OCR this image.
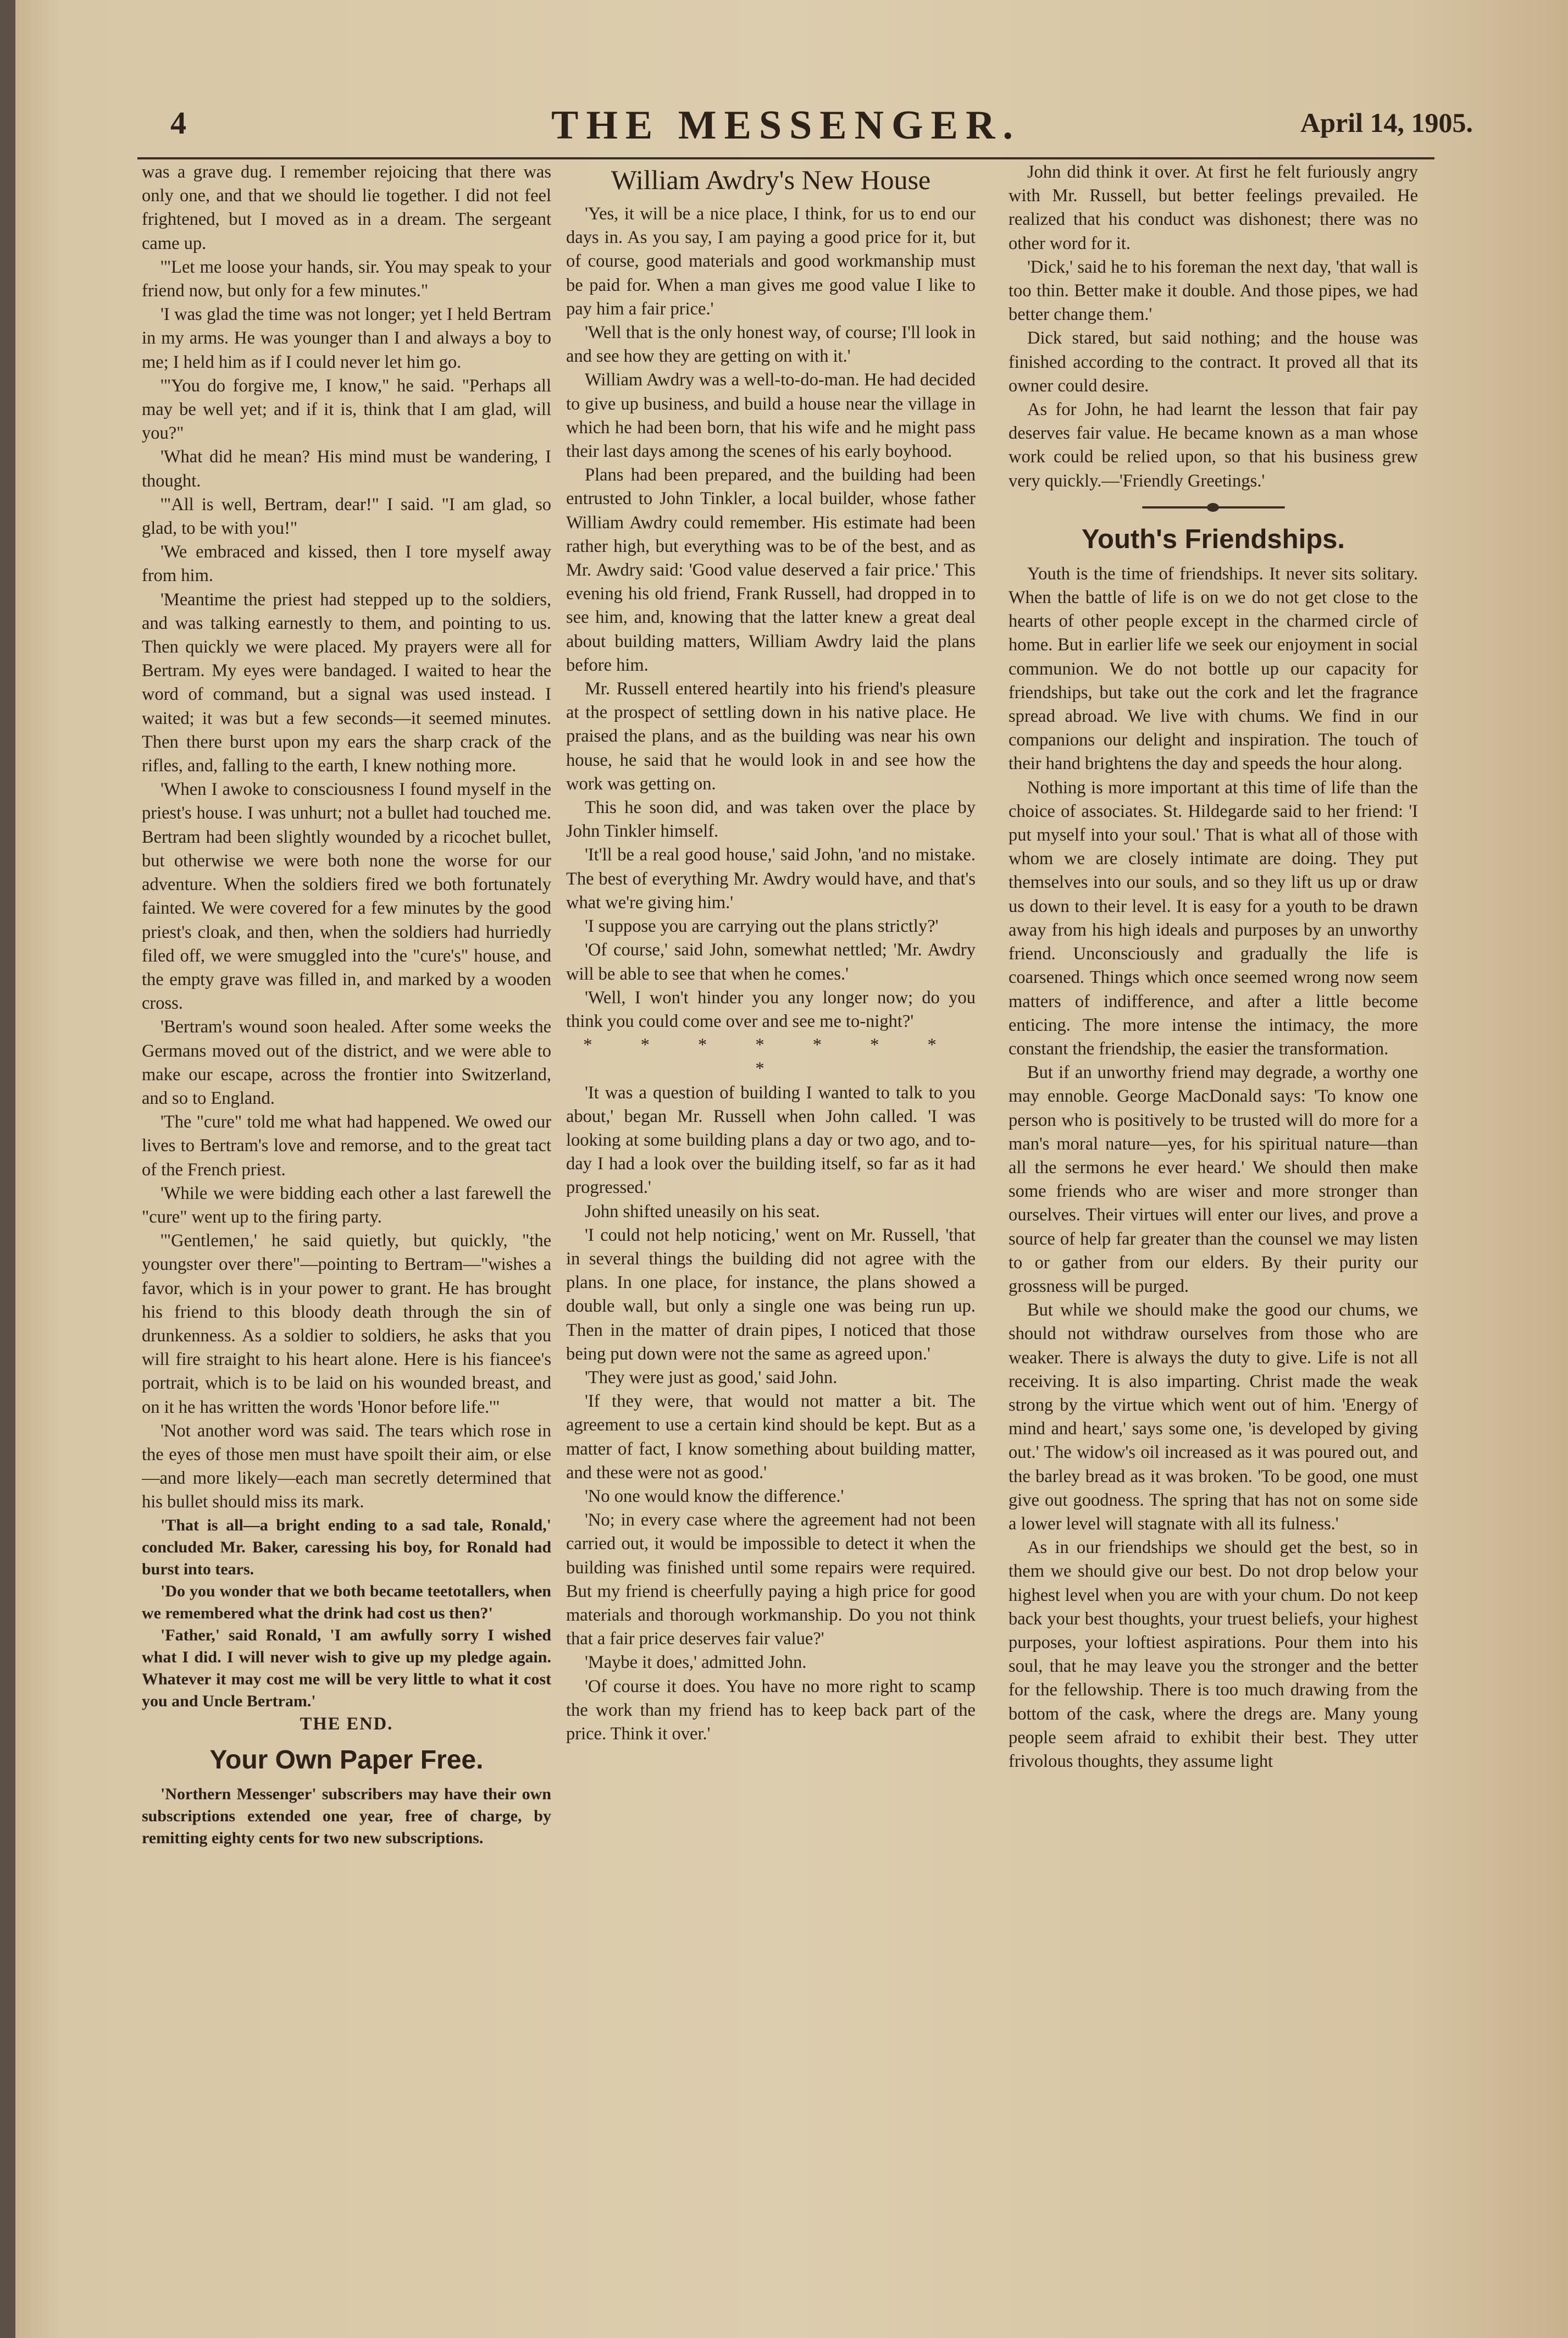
4	THE MESSENGER.	April 14, 1905.

was a grave dug. I remember rejoicing that there was only one, and that we should lie together. I did not feel frightened, but I moved as in a dream. The sergeant came up.

'"Let me loose your hands, sir. You may speak to your friend now, but only for a few minutes."

'I was glad the time was not longer; yet I held Bertram in my arms. He was younger than I and always a boy to me; I held him as if I could never let him go.

'"You do forgive me, I know," he said. "Perhaps all may be well yet; and if it is, think that I am glad, will you?"

'What did he mean? His mind must be wandering, I thought.

'"All is well, Bertram, dear!" I said. "I am glad, so glad, to be with you!"

'We embraced and kissed, then I tore myself away from him.

'Meantime the priest had stepped up to the soldiers, and was talking earnestly to them, and pointing to us. Then quickly we were placed. My prayers were all for Bertram. My eyes were bandaged. I waited to hear the word of command, but a signal was used instead. I waited; it was but a few seconds—it seemed minutes. Then there burst upon my ears the sharp crack of the rifles, and, falling to the earth, I knew nothing more.

'When I awoke to consciousness I found myself in the priest's house. I was unhurt; not a bullet had touched me. Bertram had been slightly wounded by a ricochet bullet, but otherwise we were both none the worse for our adventure. When the soldiers fired we both fortunately fainted. We were covered for a few minutes by the good priest's cloak, and then, when the soldiers had hurriedly filed off, we were smuggled into the "cure's" house, and the empty grave was filled in, and marked by a wooden cross.

'Bertram's wound soon healed. After some weeks the Germans moved out of the district, and we were able to make our escape, across the frontier into Switzerland, and so to England.

'The "cure" told me what had happened. We owed our lives to Bertram's love and remorse, and to the great tact of the French priest.

'While we were bidding each other a last farewell the "cure" went up to the firing party.

'"Gentlemen,' he said quietly, but quickly, "the youngster over there"—pointing to Bertram—"wishes a favor, which is in your power to grant. He has brought his friend to this bloody death through the sin of drunkenness. As a soldier to soldiers, he asks that you will fire straight to his heart alone. Here is his fiancee's portrait, which is to be laid on his wounded breast, and on it he has written the words 'Honor before life.'"

'Not another word was said. The tears which rose in the eyes of those men must have spoilt their aim, or else—and more likely—each man secretly determined that his bullet should miss its mark.

'That is all—a bright ending to a sad tale, Ronald,' concluded Mr. Baker, caressing his boy, for Ronald had burst into tears.

'Do you wonder that we both became teetotallers, when we remembered what the drink had cost us then?'

'Father,' said Ronald, 'I am awfully sorry I wished what I did. I will never wish to give up my pledge again. Whatever it may cost me will be very little to what it cost you and Uncle Bertram.'

THE END.

Your Own Paper Free.

'Northern Messenger' subscribers may have their own subscriptions extended one year, free of charge, by remitting eighty cents for two new subscriptions.

William Awdry's New House

'Yes, it will be a nice place, I think, for us to end our days in. As you say, I am paying a good price for it, but of course, good materials and good workmanship must be paid for. When a man gives me good value I like to pay him a fair price.'

'Well that is the only honest way, of course; I'll look in and see how they are getting on with it.'

William Awdry was a well-to-do-man. He had decided to give up business, and build a house near the village in which he had been born, that his wife and he might pass their last days among the scenes of his early boyhood.

Plans had been prepared, and the building had been entrusted to John Tinkler, a local builder, whose father William Awdry could remember. His estimate had been rather high, but everything was to be of the best, and as Mr. Awdry said: 'Good value deserved a fair price.' This evening his old friend, Frank Russell, had dropped in to see him, and, knowing that the latter knew a great deal about building matters, William Awdry laid the plans before him.

Mr. Russell entered heartily into his friend's pleasure at the prospect of settling down in his native place. He praised the plans, and as the building was near his own house, he said that he would look in and see how the work was getting on.

This he soon did, and was taken over the place by John Tinkler himself.

'It'll be a real good house,' said John, 'and no mistake. The best of everything Mr. Awdry would have, and that's what we're giving him.'

'I suppose you are carrying out the plans strictly?'

'Of course,' said John, somewhat nettled; 'Mr. Awdry will be able to see that when he comes.'

'Well, I won't hinder you any longer now; do you think you could come over and see me to-night?'

* * * * * * * *

'It was a question of building I wanted to talk to you about,' began Mr. Russell when John called. 'I was looking at some building plans a day or two ago, and to-day I had a look over the building itself, so far as it had progressed.'

John shifted uneasily on his seat.

'I could not help noticing,' went on Mr. Russell, 'that in several things the building did not agree with the plans. In one place, for instance, the plans showed a double wall, but only a single one was being run up. Then in the matter of drain pipes, I noticed that those being put down were not the same as agreed upon.'

'They were just as good,' said John.

'If they were, that would not matter a bit. The agreement to use a certain kind should be kept. But as a matter of fact, I know something about building matter, and these were not as good.'

'No one would know the difference.'

'No; in every case where the agreement had not been carried out, it would be impossible to detect it when the building was finished until some repairs were required. But my friend is cheerfully paying a high price for good materials and thorough workmanship. Do you not think that a fair price deserves fair value?'

'Maybe it does,' admitted John.

'Of course it does. You have no more right to scamp the work than my friend has to keep back part of the price. Think it over.'

John did think it over. At first he felt furiously angry with Mr. Russell, but better feelings prevailed. He realized that his conduct was dishonest; there was no other word for it.

'Dick,' said he to his foreman the next day, 'that wall is too thin. Better make it double. And those pipes, we had better change them.'

Dick stared, but said nothing; and the house was finished according to the contract. It proved all that its owner could desire.

As for John, he had learnt the lesson that fair pay deserves fair value. He became known as a man whose work could be relied upon, so that his business grew very quickly.—'Friendly Greetings.'

Youth's Friendships.

Youth is the time of friendships. It never sits solitary. When the battle of life is on we do not get close to the hearts of other people except in the charmed circle of home. But in earlier life we seek our enjoyment in social communion. We do not bottle up our capacity for friendships, but take out the cork and let the fragrance spread abroad. We live with chums. We find in our companions our delight and inspiration. The touch of their hand brightens the day and speeds the hour along.

Nothing is more important at this time of life than the choice of associates. St. Hildegarde said to her friend: 'I put myself into your soul.' That is what all of those with whom we are closely intimate are doing. They put themselves into our souls, and so they lift us up or draw us down to their level. It is easy for a youth to be drawn away from his high ideals and purposes by an unworthy friend. Unconsciously and gradually the life is coarsened. Things which once seemed wrong now seem matters of indifference, and after a little become enticing. The more intense the intimacy, the more constant the friendship, the easier the transformation.

But if an unworthy friend may degrade, a worthy one may ennoble. George MacDonald says: 'To know one person who is positively to be trusted will do more for a man's moral nature—yes, for his spiritual nature—than all the sermons he ever heard.' We should then make some friends who are wiser and more stronger than ourselves. Their virtues will enter our lives, and prove a source of help far greater than the counsel we may listen to or gather from our elders. By their purity our grossness will be purged.

But while we should make the good our chums, we should not withdraw ourselves from those who are weaker. There is always the duty to give. Life is not all receiving. It is also imparting. Christ made the weak strong by the virtue which went out of him. 'Energy of mind and heart,' says some one, 'is developed by giving out.' The widow's oil increased as it was poured out, and the barley bread as it was broken. 'To be good, one must give out goodness. The spring that has not on some side a lower level will stagnate with all its fulness.'

As in our friendships we should get the best, so in them we should give our best. Do not drop below your highest level when you are with your chum. Do not keep back your best thoughts, your truest beliefs, your highest purposes, your loftiest aspirations. Pour them into his soul, that he may leave you the stronger and the better for the fellowship. There is too much drawing from the bottom of the cask, where the dregs are. Many young people seem afraid to exhibit their best. They utter frivolous thoughts, they assume light
